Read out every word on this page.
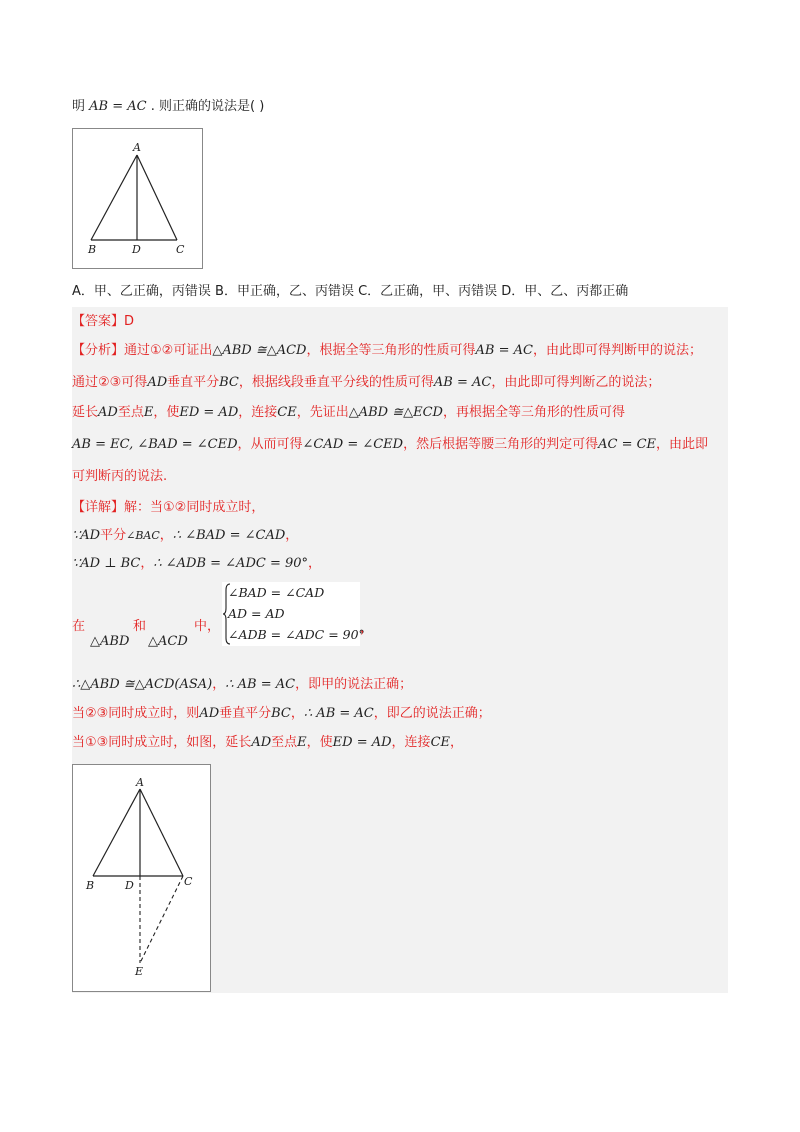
明 AB = AC . 则正确的说法是( )
A
B	D	C
A．甲、乙正确，丙错误 B．甲正确，乙、丙错误 C．乙正确，甲、丙错误 D．甲、乙、丙都正确
【答案】D
【分析】通过①②可证出△ABD ≅△ACD，根据全等三角形的性质可得AB = AC，由此即可得判断甲的说法；
通过②③可得AD垂直平分BC，根据线段垂直平分线的性质可得AB = AC，由此即可得判断乙的说法；
延长AD至点E，使ED = AD，连接CE，先证出△ABD ≅△ECD，再根据全等三角形的性质可得
AB = EC, ∠BAD = ∠CED，从而可得∠CAD = ∠CED，然后根据等腰三角形的判定可得AC = CE，由此即
可判断丙的说法.
【详解】解：当①②同时成立时，
∵AD平分∠BAC，∴ ∠BAD = ∠CAD，
∵AD ⊥ BC，∴ ∠ADB = ∠ADC = 90°，
在	和	中，
△ABD △ACD
∠BAD = ∠CAD
AD = AD
∠ADB = ∠ADC = 90°
，
∴△ABD ≅△ACD(ASA)，∴ AB = AC，即甲的说法正确；
当②③同时成立时，则AD垂直平分BC，∴ AB = AC，即乙的说法正确；
当①③同时成立时，如图，延长AD至点E，使ED = AD，连接CE，
A
B	D	C
E
